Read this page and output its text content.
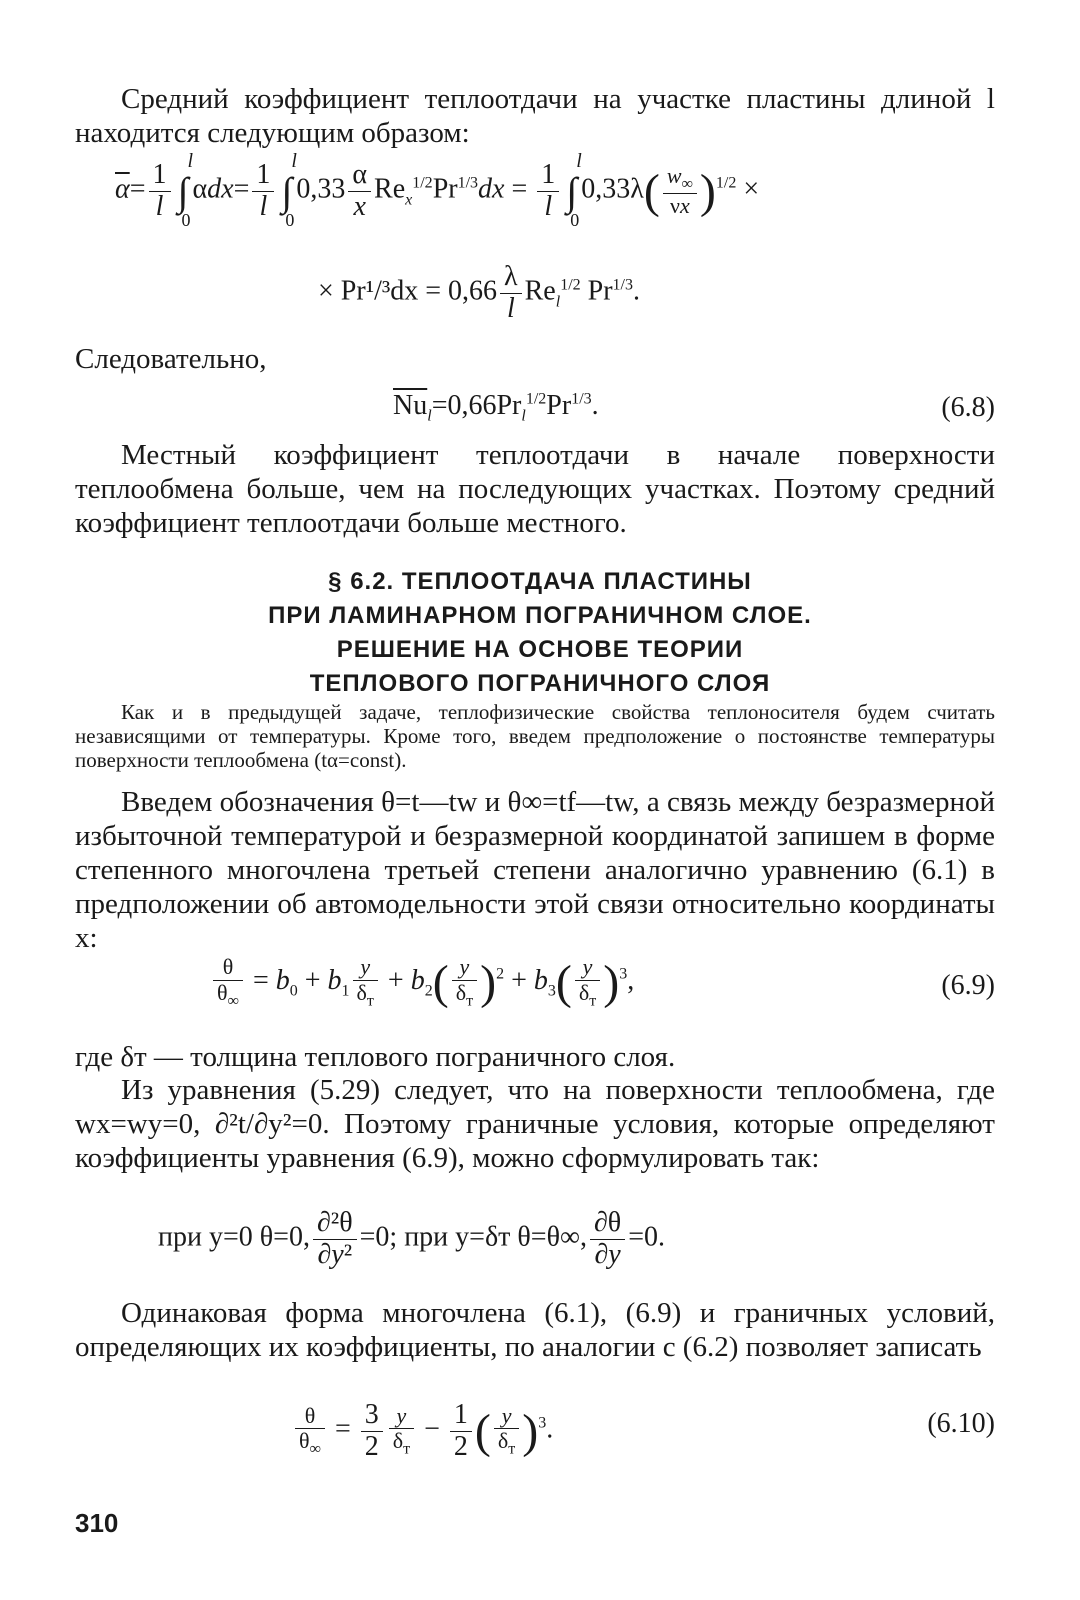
Средний коэффициент теплоотдачи на участке пластины длиной l находится следующим образом:

$\overline{\alpha}= \frac{1}{l}$ ∫
l
0
$\alpha dx= \frac{1}{l}$ ∫
l
0
$0,33 \frac{\alpha}{x} Re_x^{1/2}Pr^{1/3}dx = \frac{1}{l}$ ∫
l
0
$0,33\lambda( \frac{w_\infty}{\nu x} )^{1/2}$ ×
× $Pr^1/^3dx = 0,66 \frac{\lambda}{l} Re_l^{1/2}$ $Pr^{1/3}$.

Следовательно,

$\overline{Nu}_l=0,66Pr_l^{1/2}Pr^{1/3}$.	(6.8)

Местный коэффициент теплоотдачи в начале поверхности теплообмена больше, чем на последующих участках. Поэтому средний коэффициент теплоотдачи больше местного.

§ 6.2. ТЕПЛООТДАЧА ПЛАСТИНЫ
ПРИ ЛАМИНАРНОМ ПОГРАНИЧНОМ СЛОЕ.
РЕШЕНИЕ НА ОСНОВЕ ТЕОРИИ
ТЕПЛОВОГО ПОГРАНИЧНОГО СЛОЯ

Как и в предыдущей задаче, теплофизические свойства теплоносителя будем считать независящими от температуры. Кроме того, введем предположение о постоянстве температуры поверхности теплообмена (tα=const).

Введем обозначения θ=t—tw и θ∞=tf—tw, а связь между безразмерной избыточной температурой и безразмерной координатой запишем в форме степенного многочлена третьей степени аналогично уравнению (6.1) в предположении об автомодельности этой связи относительно координаты x:

$\frac{\theta}{\theta_\infty} = b_0 + b_1 \frac{y}{\delta_т} + b_2( \frac{y}{\delta_т} )^2 + b_3( \frac{y}{\delta_т} )^3$,	(6.9)

где δт — толщина теплового пограничного слоя.

Из уравнения (5.29) следует, что на поверхности теплообмена, где wx=wy=0, ∂²t/∂y²=0. Поэтому граничные условия, которые определяют коэффициенты уравнения (6.9), можно сформулировать так:

при y=0 θ=0, $\frac{\text{∂²θ}}{\text{∂y²}} =0$; при y=δт θ=θ∞, $\frac{\partial\theta}{\partial y} =0$.

Одинаковая форма многочлена (6.1), (6.9) и граничных условий, определяющих их коэффициенты, по аналогии с (6.2) позволяет записать

$\frac{\theta}{\theta_\infty} = \frac{3}{2} \frac{y}{\delta_т} - \frac{1}{2}$ ( $\frac{y}{\delta_т} )^3$.	(6.10)
310
